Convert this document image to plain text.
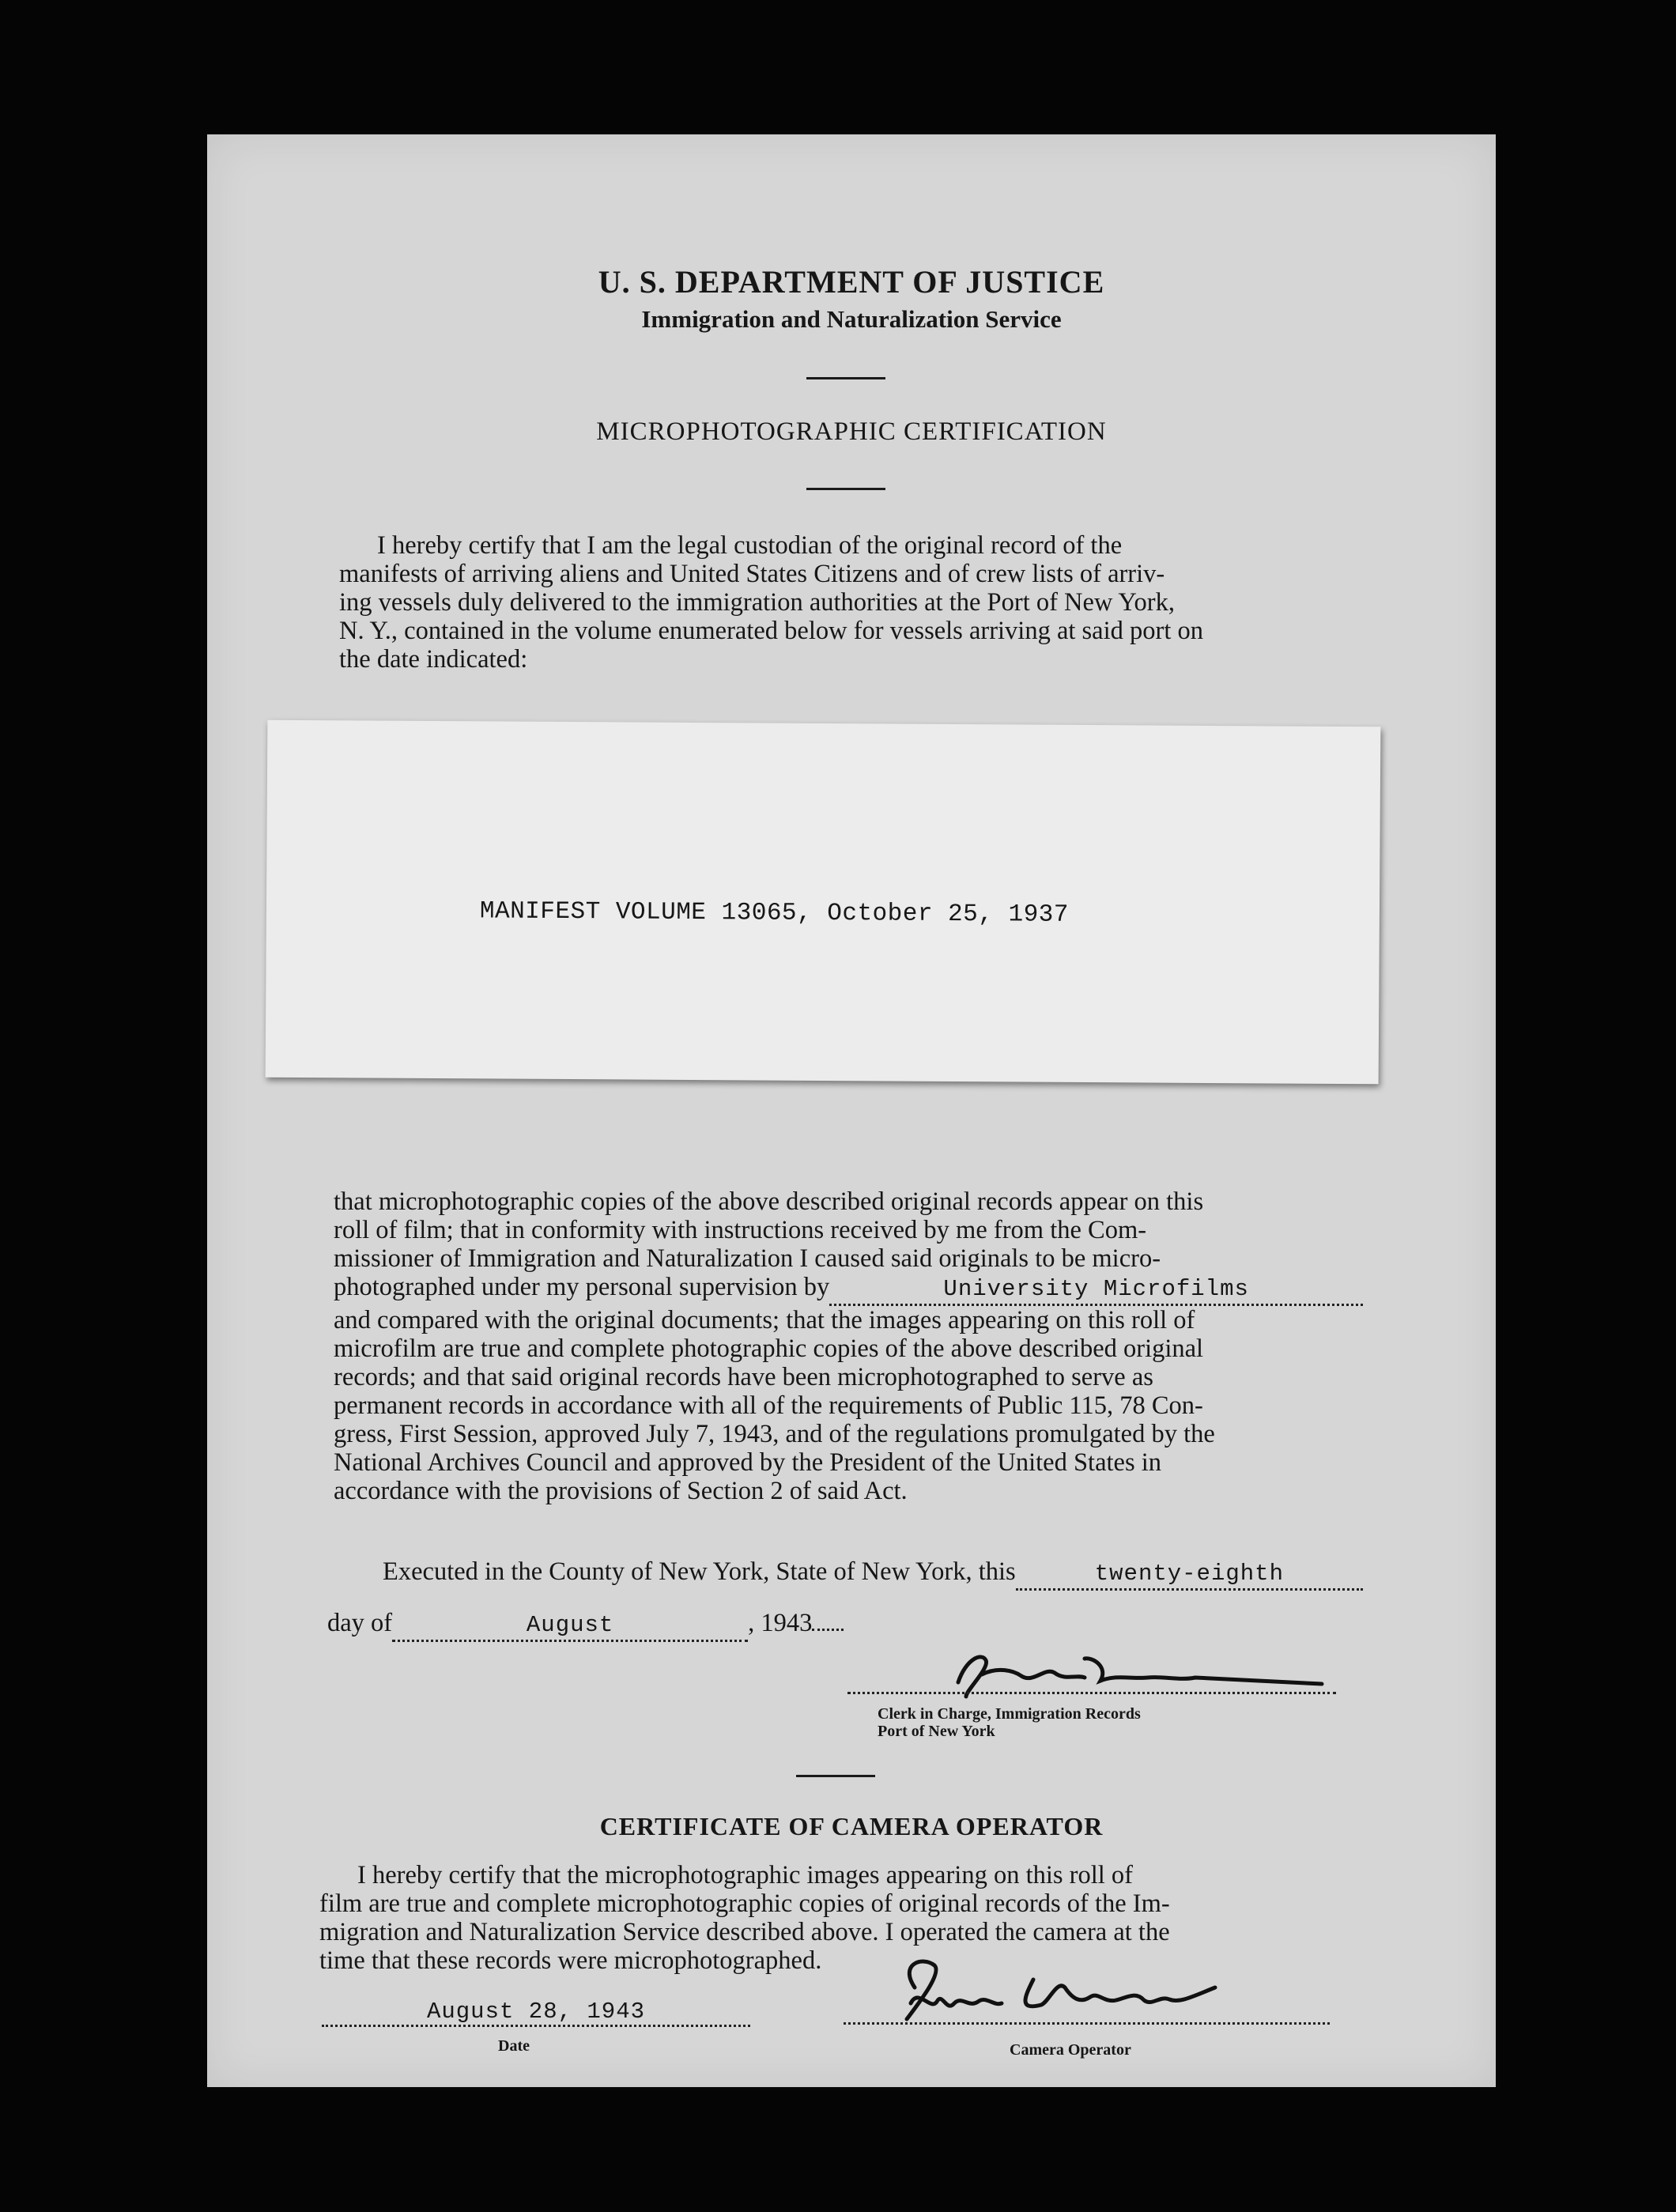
U. S. DEPARTMENT OF JUSTICE
Immigration and Naturalization Service
MICROPHOTOGRAPHIC CERTIFICATION

I hereby certify that I am the legal custodian of the original record of the

manifests of arriving aliens and United States Citizens and of crew lists of arriv-

ing vessels duly delivered to the immigration authorities at the Port of New York,

N. Y., contained in the volume enumerated below for vessels arriving at said port on

the date indicated:

MANIFEST VOLUME 13065, October 25, 1937

that microphotographic copies of the above described original records appear on this

roll of film; that in conformity with instructions received by me from the Com-

missioner of Immigration and Naturalization I caused said originals to be micro-

photographed under my personal supervision by	University Microfilms

and compared with the original documents; that the images appearing on this roll of

microfilm are true and complete photographic copies of the above described original

records; and that said original records have been microphotographed to serve as

permanent records in accordance with all of the requirements of Public 115, 78 Con-

gress, First Session, approved July 7, 1943, and of the regulations promulgated by the

National Archives Council and approved by the President of the United States in

accordance with the provisions of Section 2 of said Act.

Executed in the County of New York, State of New York, this	twenty-eighth
day of	August	, 1943
Clerk in Charge, Immigration Records
Port of New York
CERTIFICATE OF CAMERA OPERATOR

I hereby certify that the microphotographic images appearing on this roll of

film are true and complete microphotographic copies of original records of the Im-

migration and Naturalization Service described above. I operated the camera at the

time that these records were microphotographed.

August 28, 1943
Date	Camera Operator
